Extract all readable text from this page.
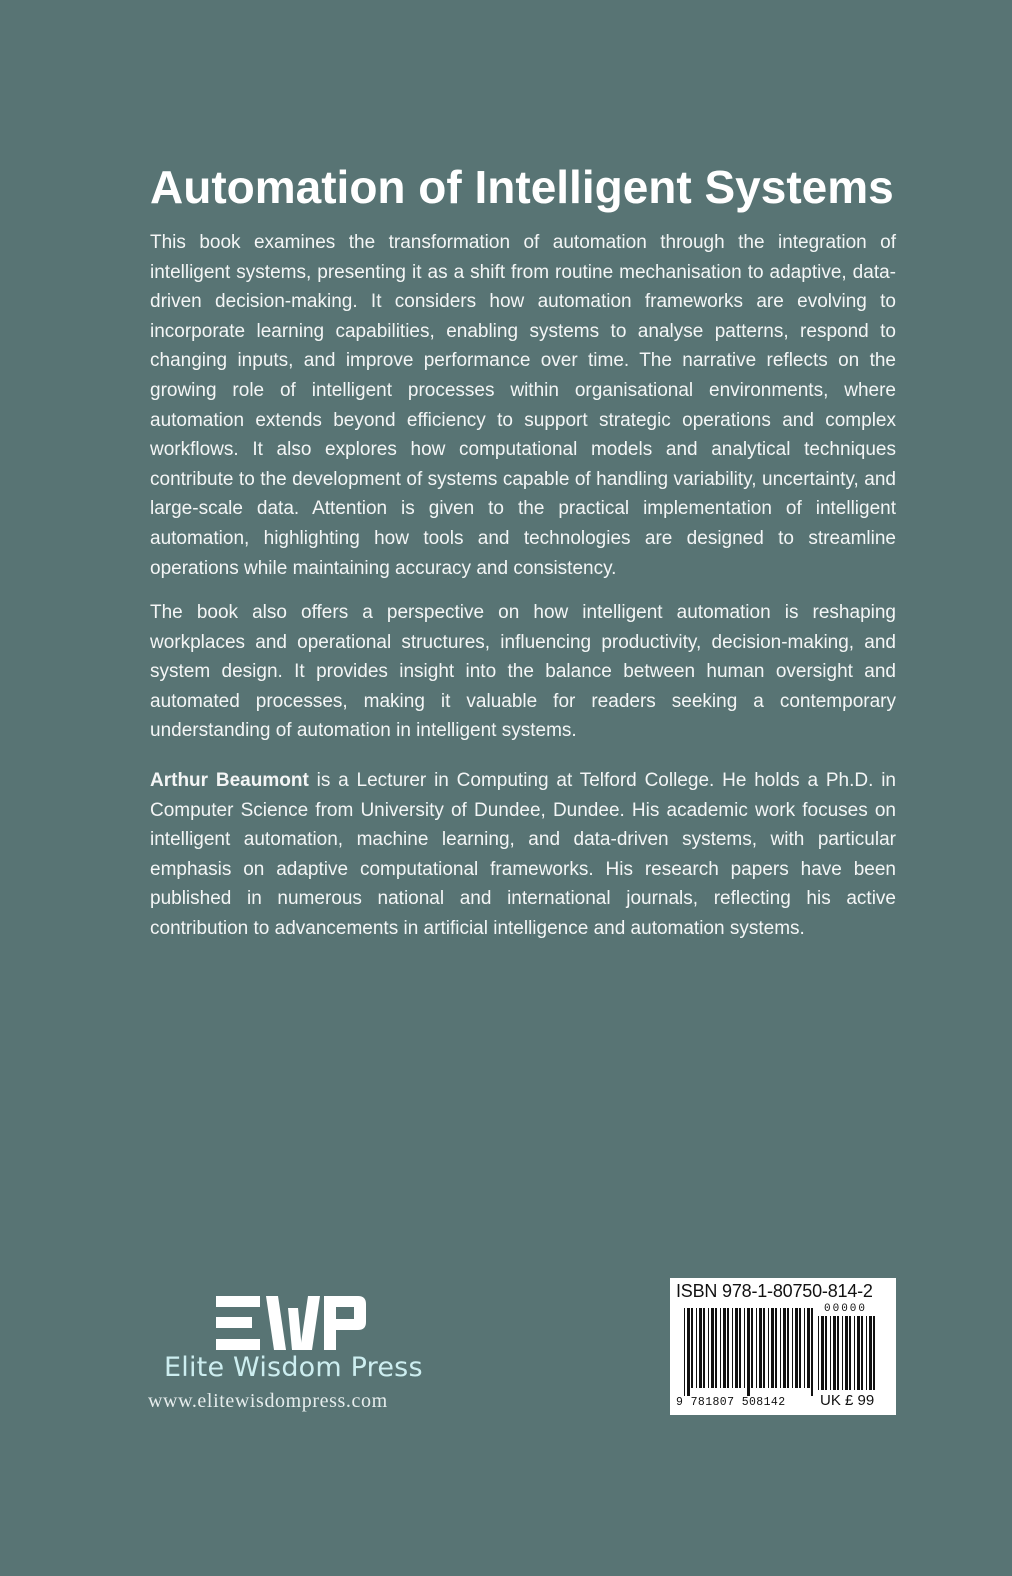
Automation of Intelligent Systems

This book examines the transformation of automation through the integration of intelligent systems, presenting it as a shift from routine mechanisation to adaptive, data-driven decision-making. It considers how automation frameworks are evolving to incorporate learning capabilities, enabling systems to analyse patterns, respond to changing inputs, and improve performance over time. The narrative reflects on the growing role of intelligent processes within organisational environments, where automation extends beyond efficiency to support strategic operations and complex workflows. It also explores how computational models and analytical techniques contribute to the development of systems capable of handling variability, uncertainty, and large-scale data. Attention is given to the practical implementation of intelligent automation, highlighting how tools and technologies are designed to streamline operations while maintaining accuracy and consistency.

The book also offers a perspective on how intelligent automation is reshaping workplaces and operational structures, influencing productivity, decision-making, and system design. It provides insight into the balance between human oversight and automated processes, making it valuable for readers seeking a contemporary understanding of automation in intelligent systems.

Arthur Beaumont is a Lecturer in Computing at Telford College. He holds a Ph.D. in Computer Science from University of Dundee, Dundee. His academic work focuses on intelligent automation, machine learning, and data-driven systems, with particular emphasis on adaptive computational frameworks. His research papers have been published in numerous national and international journals, reflecting his active contribution to advancements in artificial intelligence and automation systems.

Elite Wisdom Press
www.elitewisdompress.com
ISBN 978-1-80750-814-2
00000
9 781807 508142 UK £ 99
